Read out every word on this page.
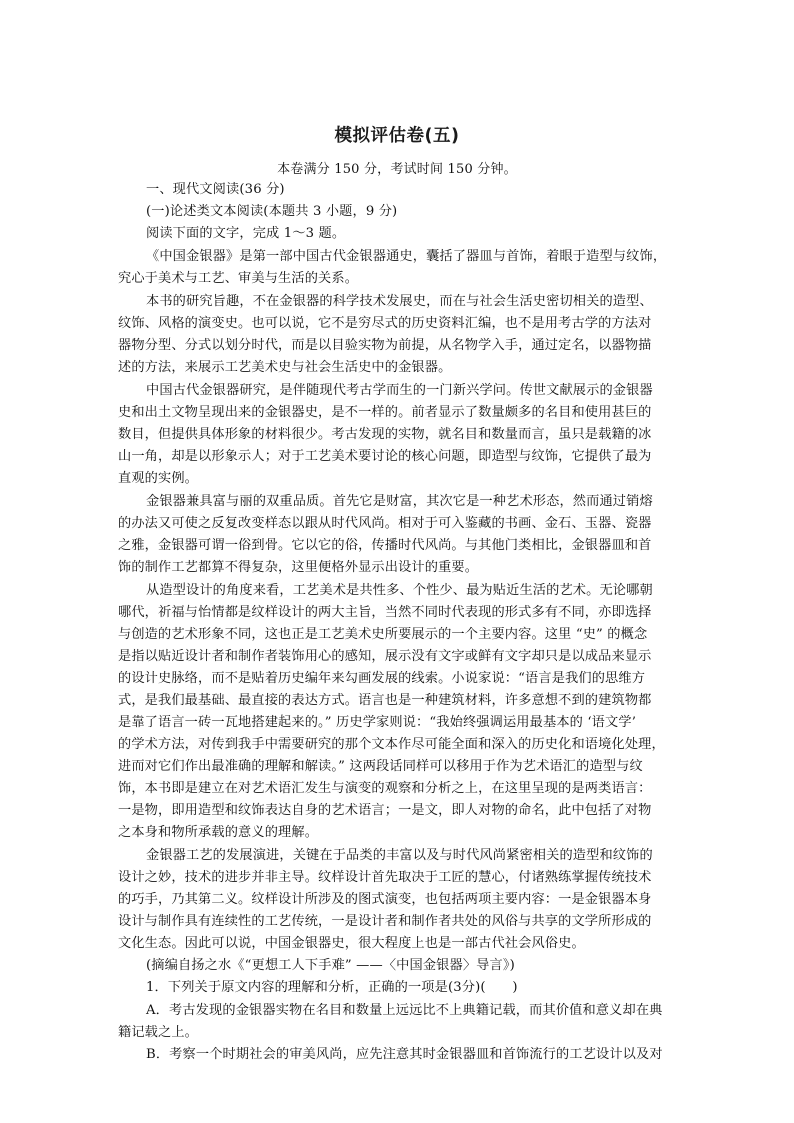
模拟评估卷(五)
本卷满分 150 分，考试时间 150 分钟。
一、现代文阅读(36 分)
(一)论述类文本阅读(本题共 3 小题，9 分)
阅读下面的文字，完成 1～3 题。
《中国金银器》是第一部中国古代金银器通史，囊括了器皿与首饰，着眼于造型与纹饰，
究心于美术与工艺、审美与生活的关系。
本书的研究旨趣，不在金银器的科学技术发展史，而在与社会生活史密切相关的造型、
纹饰、风格的演变史。也可以说，它不是穷尽式的历史资料汇编，也不是用考古学的方法对
器物分型、分式以划分时代，而是以目验实物为前提，从名物学入手，通过定名，以器物描
述的方法，来展示工艺美术史与社会生活史中的金银器。
中国古代金银器研究，是伴随现代考古学而生的一门新兴学问。传世文献展示的金银器
史和出土文物呈现出来的金银器史，是不一样的。前者显示了数量颇多的名目和使用甚巨的
数目，但提供具体形象的材料很少。考古发现的实物，就名目和数量而言，虽只是载籍的冰
山一角，却是以形象示人；对于工艺美术要讨论的核心问题，即造型与纹饰，它提供了最为
直观的实例。
金银器兼具富与丽的双重品质。首先它是财富，其次它是一种艺术形态，然而通过销熔
的办法又可使之反复改变样态以跟从时代风尚。相对于可入鉴藏的书画、金石、玉器、瓷器
之雅，金银器可谓一俗到骨。它以它的俗，传播时代风尚。与其他门类相比，金银器皿和首
饰的制作工艺都算不得复杂，这里便格外显示出设计的重要。
从造型设计的角度来看，工艺美术是共性多、个性少、最为贴近生活的艺术。无论哪朝
哪代，祈福与怡情都是纹样设计的两大主旨，当然不同时代表现的形式多有不同，亦即选择
与创造的艺术形象不同，这也正是工艺美术史所要展示的一个主要内容。这里 “史” 的概念
是指以贴近设计者和制作者装饰用心的感知，展示没有文字或鲜有文字却只是以成品来显示
的设计史脉络，而不是贴着历史编年来勾画发展的线索。小说家说：“语言是我们的思维方
式，是我们最基础、最直接的表达方式。语言也是一种建筑材料，许多意想不到的建筑物都
是靠了语言一砖一瓦地搭建起来的。” 历史学家则说：“我始终强调运用最基本的 ‘语文学’
的学术方法，对传到我手中需要研究的那个文本作尽可能全面和深入的历史化和语境化处理，
进而对它们作出最准确的理解和解读。” 这两段话同样可以移用于作为艺术语汇的造型与纹
饰，本书即是建立在对艺术语汇发生与演变的观察和分析之上，在这里呈现的是两类语言：
一是物，即用造型和纹饰表达自身的艺术语言；一是文，即人对物的命名，此中包括了对物
之本身和物所承载的意义的理解。
金银器工艺的发展演进，关键在于品类的丰富以及与时代风尚紧密相关的造型和纹饰的
设计之妙，技术的进步并非主导。纹样设计首先取决于工匠的慧心，付诸熟练掌握传统技术
的巧手，乃其第二义。纹样设计所涉及的图式演变，也包括两项主要内容：一是金银器本身
设计与制作具有连续性的工艺传统，一是设计者和制作者共处的风俗与共享的文学所形成的
文化生态。因此可以说，中国金银器史，很大程度上也是一部古代社会风俗史。
(摘编自扬之水《“更想工人下手难” ——〈中国金银器〉导言》)
1．下列关于原文内容的理解和分析，正确的一项是(3分)(　　)
A．考古发现的金银器实物在名目和数量上远远比不上典籍记载，而其价值和意义却在典
籍记载之上。
B．考察一个时期社会的审美风尚，应先注意其时金银器皿和首饰流行的工艺设计以及对
